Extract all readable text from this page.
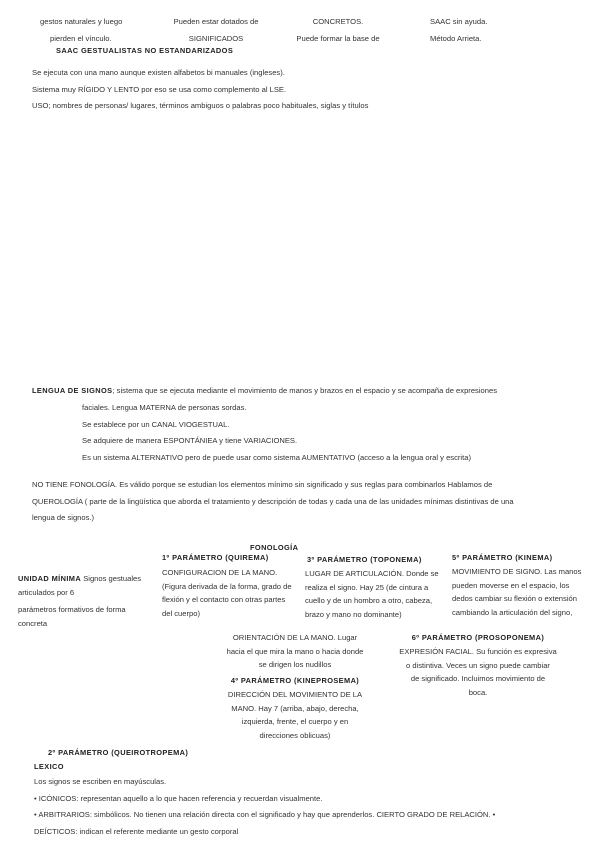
gestos naturales y luego
pierden el vínculo.
Pueden estar dotados de
SIGNIFICADOS
CONCRETOS.
Puede formar la base de
SAAC sin ayuda.
Método Arrieta.
SAAC GESTUALISTAS NO ESTANDARIZADOS
Se ejecuta con una mano aunque existen alfabetos bi manuales (ingleses).
Sistema muy RÍGIDO Y LENTO por eso se usa como complemento al LSE.
USO; nombres de personas/ lugares, términos ambiguos o palabras poco habituales, siglas y títulos
LENGUA DE SIGNOS; sistema que se ejecuta mediante el movimiento de manos y brazos en el espacio y se acompaña de expresiones
faciales. Lengua MATERNA de personas sordas.
Se establece por un CANAL VIOGESTUAL.
Se adquiere de manera ESPONTÁNIEA y tiene VARIACIONES.
Es un sistema ALTERNATIVO pero de puede usar como sistema AUMENTATIVO (acceso a la lengua oral y escrita)
NO TIENE FONOLOGÍA. Es válido porque se estudian los elementos mínimo sin significado y sus reglas para combinarlos Hablamos de
QUEROLOGÍA ( parte de la lingüística que aborda el tratamiento y descripción de todas y cada una de las unidades mínimas distintivas de una
lengua de signos.)
FONOLOGÍA
UNIDAD MÍNIMA Signos gestuales
articulados por 6
parámetros formativos de forma
concreta
1º PARÁMETRO (QUIREMA)
CONFIGURACION DE LA MANO.
(Figura derivada de la forma, grado de
flexión y el contacto con otras partes
del cuerpo)
3º PARÁMETRO (TOPONEMA)
LUGAR DE ARTICULACIÓN. Donde se
realiza el signo. Hay 25 (de cintura a
cuello y de un hombro a otro, cabeza,
brazo y mano no dominante)
5º PARÁMETRO (KINEMA)
MOVIMIENTO DE SIGNO. Las manos
pueden moverse en el espacio, los
dedos cambiar su flexión o extensión
cambiando la articulación del signo,
ORIENTACIÓN DE LA MANO. Lugar
hacia el que mira la mano o hacia donde
se dirigen los nudillos
4º PARÁMETRO (KINEPROSEMA)
DIRECCIÓN DEL MOVIMIENTO DE LA
MANO. Hay 7 (arriba, abajo, derecha,
izquierda, frente, el cuerpo y en
direcciones oblicuas)
6º PARÁMETRO (PROSOPONEMA)
EXPRESIÓN FACIAL. Su función es expresiva
o distintiva. Veces un signo puede cambiar
de significado. Incluimos movimiento de
boca.
2º PARÁMETRO (QUEIROTROPEMA)
LEXICO
Los signos se escriben en mayúsculas.
• ICÓNICOS: representan aquello a lo que hacen referencia y recuerdan visualmente.
• ARBITRARIOS: simbólicos. No tienen una relación directa con el significado y hay que aprenderlos. CIERTO GRADO DE RELACIÓN. •
DEÍCTICOS: indican el referente mediante un gesto corporal
